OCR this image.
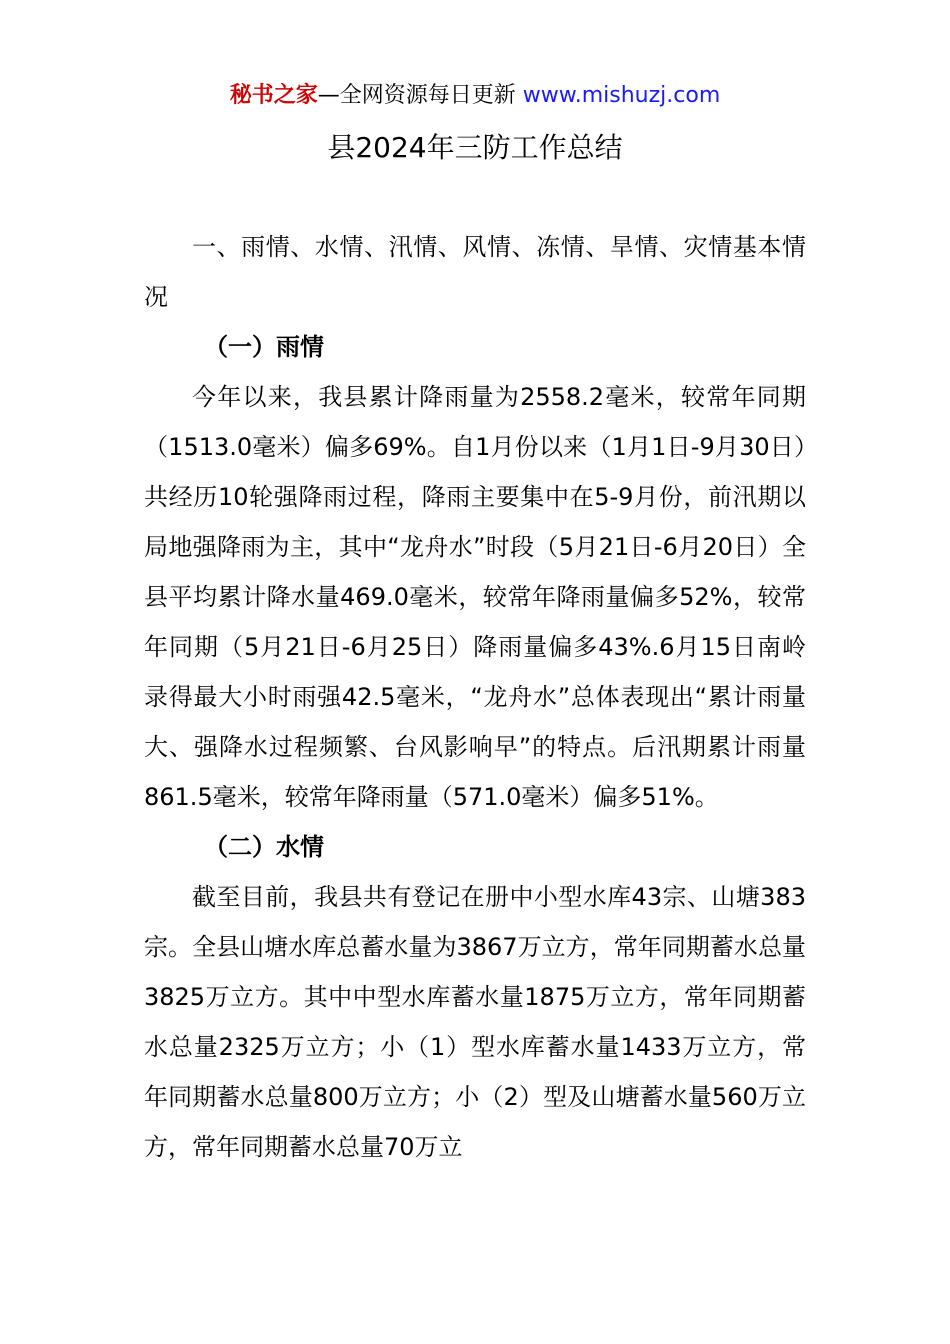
秘书之家—全网资源每日更新 www.mishuzj.com
县2024年三防工作总结

一、雨情、水情、汛情、风情、冻情、旱情、灾情基本情况

（一）雨情

今年以来，我县累计降雨量为2558.2毫米，较常年同期（1513.0毫米）偏多69%。自1月份以来（1月1日-9月30日）共经历10轮强降雨过程，降雨主要集中在5-9月份，前汛期以局地强降雨为主，其中“龙舟水”时段（5月21日-6月20日）全县平均累计降水量469.0毫米，较常年降雨量偏多52%，较常年同期（5月21日-6月25日）降雨量偏多43%.6月15日南岭录得最大小时雨强42.5毫米，“龙舟水”总体表现出“累计雨量大、强降水过程频繁、台风影响早”的特点。后汛期累计雨量861.5毫米，较常年降雨量（571.0毫米）偏多51%。

（二）水情

截至目前，我县共有登记在册中小型水库43宗、山塘383宗。全县山塘水库总蓄水量为3867万立方，常年同期蓄水总量3825万立方。其中中型水库蓄水量1875万立方，常年同期蓄水总量2325万立方；小（1）型水库蓄水量1433万立方，常年同期蓄水总量800万立方；小（2）型及山塘蓄水量560万立方，常年同期蓄水总量70万立
